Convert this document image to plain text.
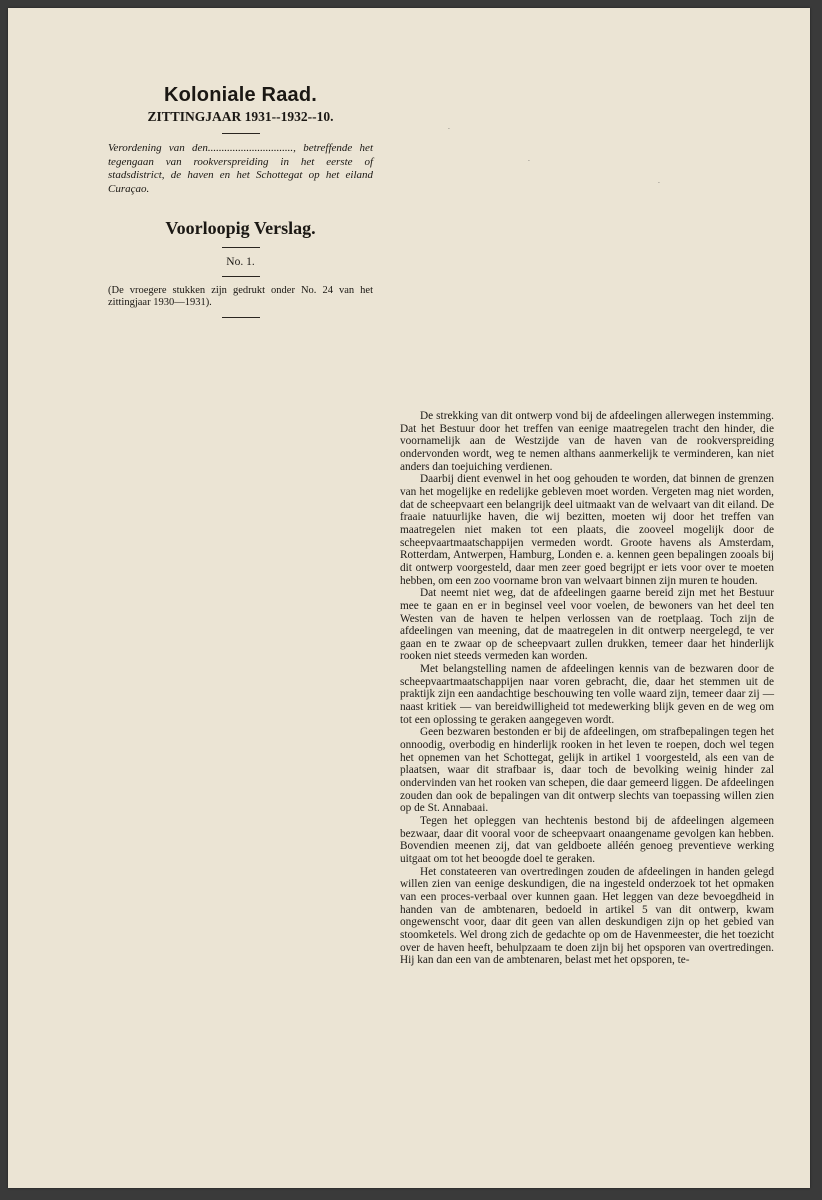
Koloniale Raad.
ZITTINGJAAR 1931--1932--10.

Verordening van den..............................., betreffende het tegengaan van rookverspreiding in het eerste of stadsdistrict, de haven en het Schottegat op het eiland Curaçao.

Voorloopig Verslag.

No. 1.

(De vroegere stukken zijn gedrukt onder No. 24 van het zittingjaar 1930—1931).

·
·
·

De strekking van dit ontwerp vond bij de afdeelingen allerwegen instemming. Dat het Bestuur door het treffen van eenige maatregelen tracht den hinder, die voornamelijk aan de Westzijde van de haven van de rookverspreiding ondervonden wordt, weg te nemen althans aanmerkelijk te verminderen, kan niet anders dan toejuiching verdienen.

Daarbij dient evenwel in het oog gehouden te worden, dat binnen de grenzen van het mogelijke en redelijke gebleven moet worden. Vergeten mag niet worden, dat de scheepvaart een belangrijk deel uitmaakt van de welvaart van dit eiland. De fraaie natuurlijke haven, die wij bezitten, moeten wij door het treffen van maatregelen niet maken tot een plaats, die zooveel mogelijk door de scheepvaartmaatschappijen vermeden wordt. Groote havens als Amsterdam, Rotterdam, Antwerpen, Hamburg, Londen e. a. kennen geen bepalingen zooals bij dit ontwerp voorgesteld, daar men zeer goed begrijpt er iets voor over te moeten hebben, om een zoo voorname bron van welvaart binnen zijn muren te houden.

Dat neemt niet weg, dat de afdeelingen gaarne bereid zijn met het Bestuur mee te gaan en er in beginsel veel voor voelen, de bewoners van het deel ten Westen van de haven te helpen verlossen van de roetplaag. Toch zijn de afdeelingen van meening, dat de maatregelen in dit ontwerp neergelegd, te ver gaan en te zwaar op de scheepvaart zullen drukken, temeer daar het hinderlijk rooken niet steeds vermeden kan worden.

Met belangstelling namen de afdeelingen kennis van de bezwaren door de scheepvaartmaatschappijen naar voren gebracht, die, daar het stemmen uit de praktijk zijn een aandachtige beschouwing ten volle waard zijn, temeer daar zij — naast kritiek — van bereidwilligheid tot medewerking blijk geven en de weg om tot een oplossing te geraken aangegeven wordt.

Geen bezwaren bestonden er bij de afdeelingen, om strafbepalingen tegen het onnoodig, overbodig en hinderlijk rooken in het leven te roepen, doch wel tegen het opnemen van het Schottegat, gelijk in artikel 1 voorgesteld, als een van de plaatsen, waar dit strafbaar is, daar toch de bevolking weinig hinder zal ondervinden van het rooken van schepen, die daar gemeerd liggen. De afdeelingen zouden dan ook de bepalingen van dit ontwerp slechts van toepassing willen zien op de St. Annabaai.

Tegen het opleggen van hechtenis bestond bij de afdeelingen algemeen bezwaar, daar dit vooral voor de scheepvaart onaangename gevolgen kan hebben. Bovendien meenen zij, dat van geldboete alléén genoeg preventieve werking uitgaat om tot het beoogde doel te geraken.

Het constateeren van overtredingen zouden de afdeelingen in handen gelegd willen zien van eenige deskundigen, die na ingesteld onderzoek tot het opmaken van een proces-verbaal over kunnen gaan. Het leggen van deze bevoegdheid in handen van de ambtenaren, bedoeld in artikel 5 van dit ontwerp, kwam ongewenscht voor, daar dit geen van allen deskundigen zijn op het gebied van stoomketels. Wel drong zich de gedachte op om de Havenmeester, die het toezicht over de haven heeft, behulpzaam te doen zijn bij het opsporen van overtredingen. Hij kan dan een van de ambtenaren, belast met het opsporen, te-
